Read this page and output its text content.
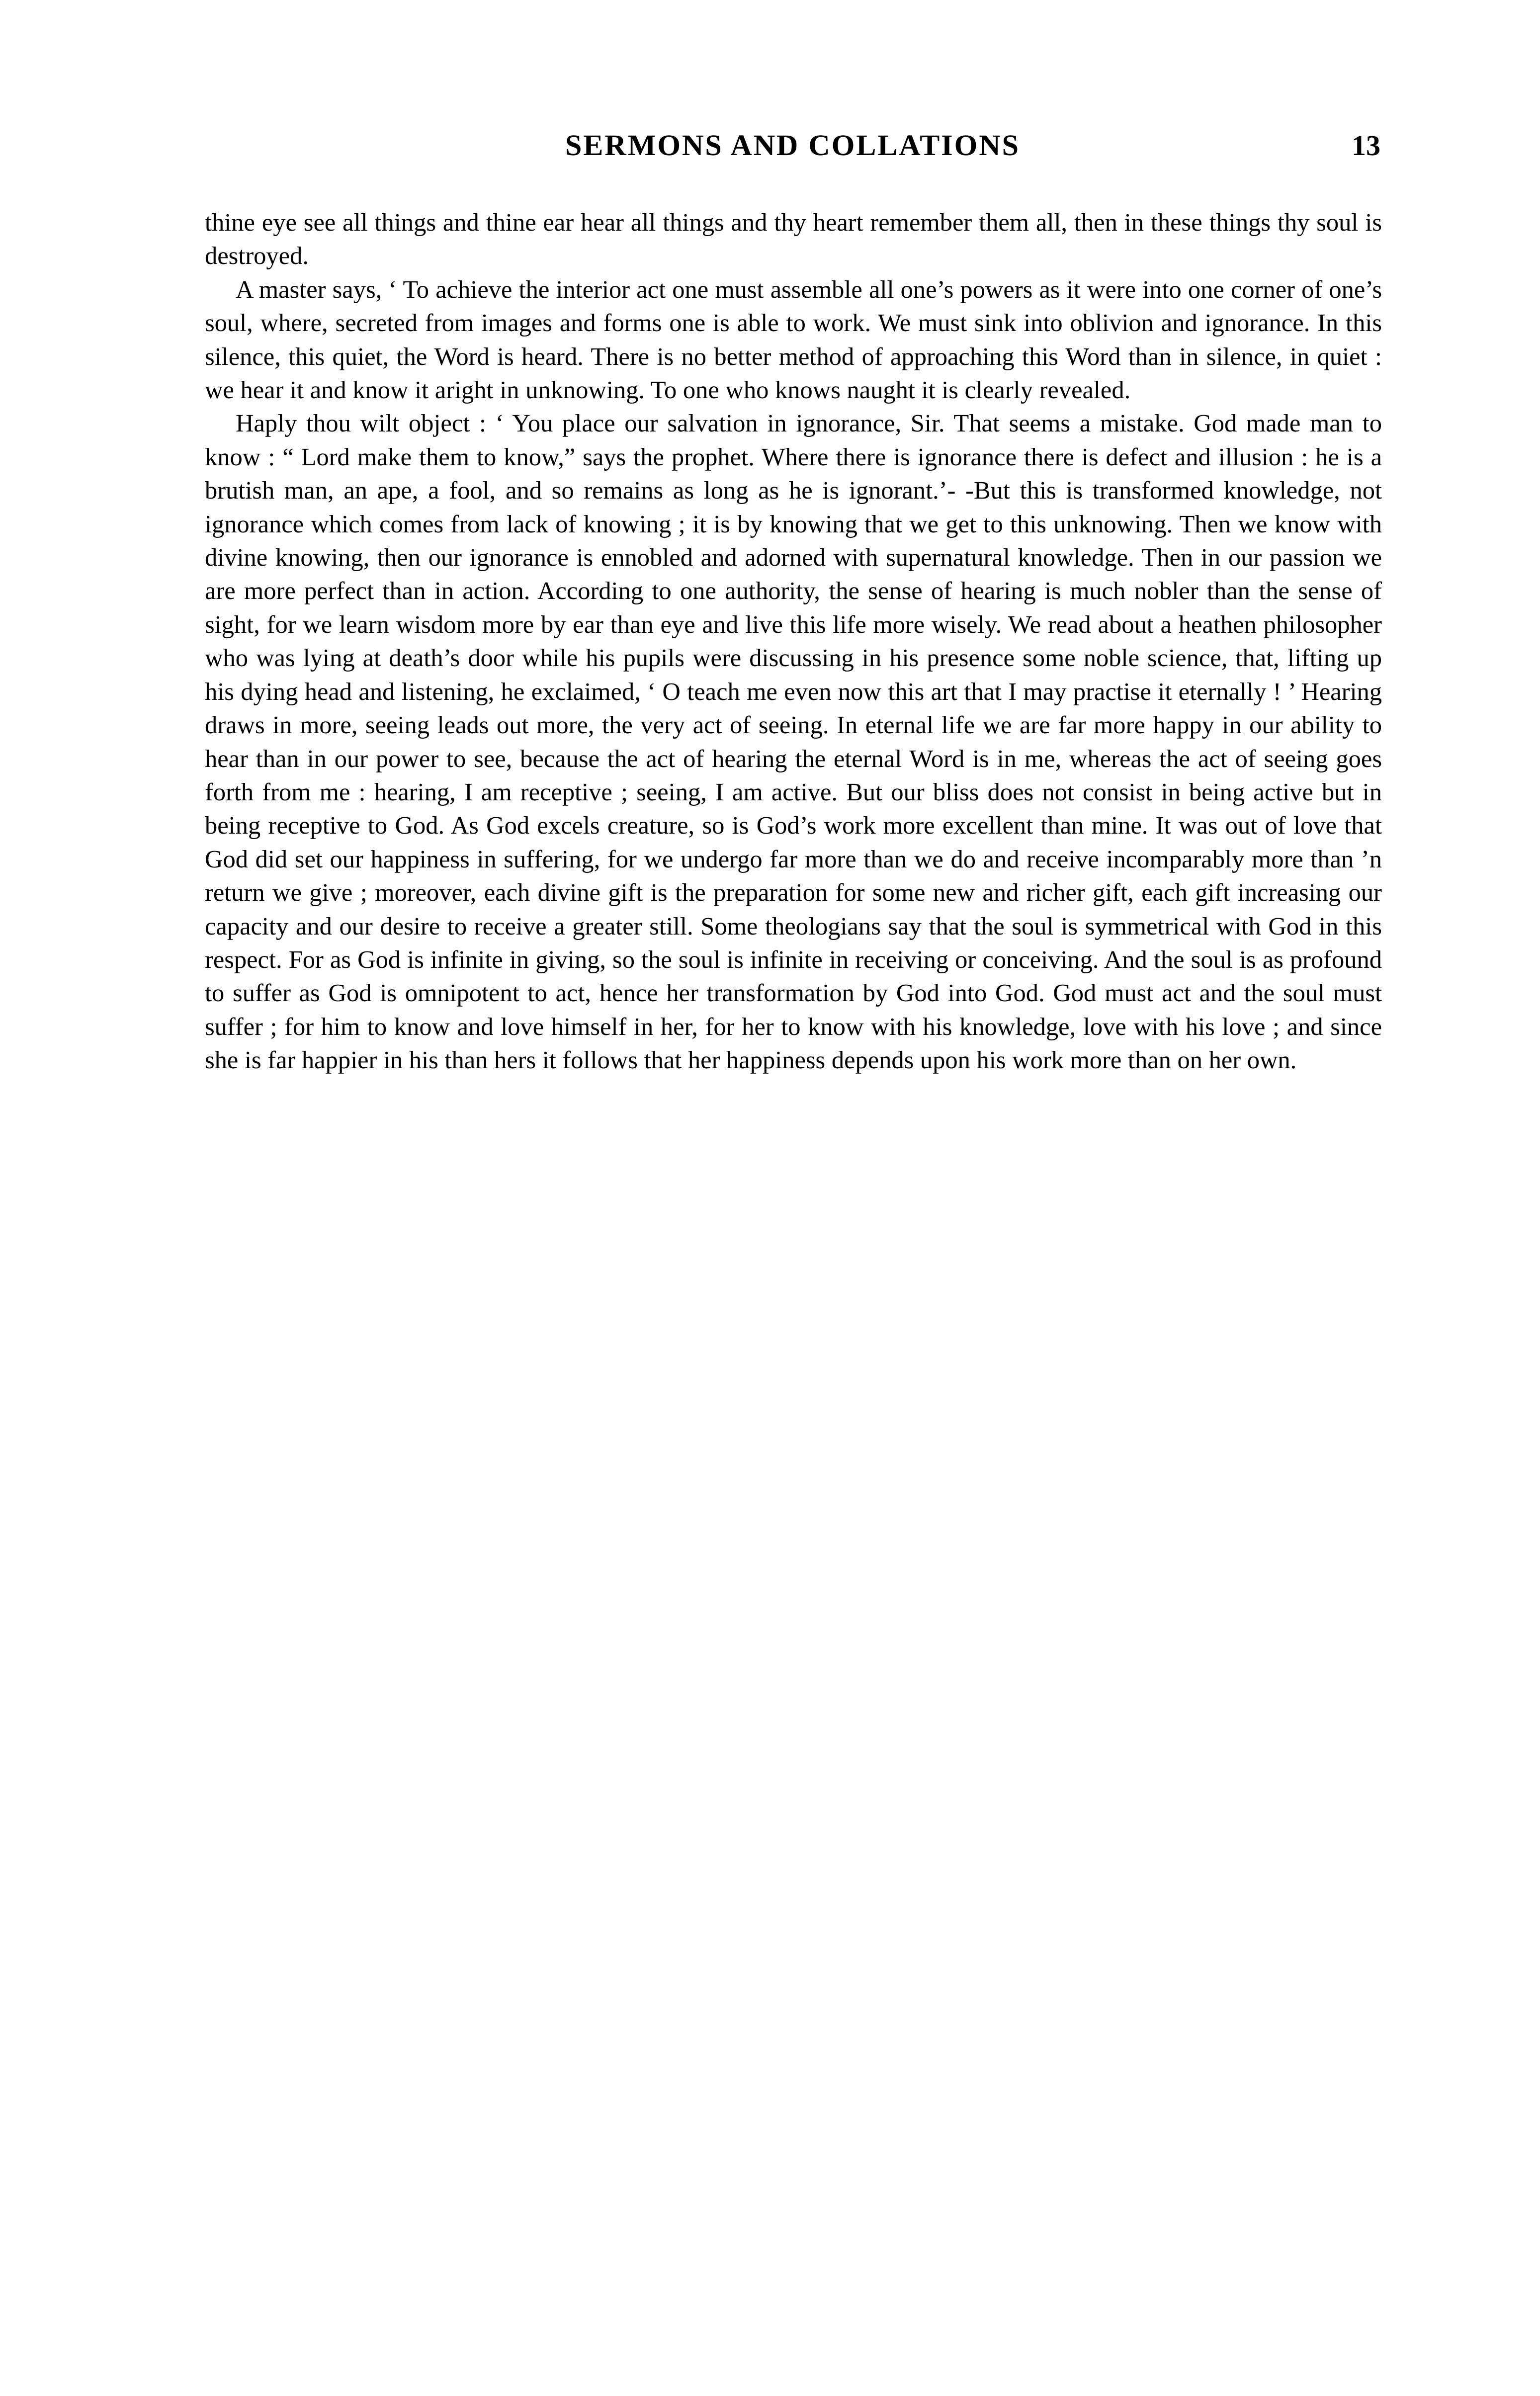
SERMONS AND COLLATIONS	13

thine eye see all things and thine ear hear all things and thy heart remember them all, then in these things thy soul is destroyed.

A master says, ‘ To achieve the interior act one must assemble all one’s powers as it were into one corner of one’s soul, where, secreted from images and forms one is able to work. We must sink into oblivion and ignorance. In this silence, this quiet, the Word is heard. There is no better method of approaching this Word than in silence, in quiet : we hear it and know it aright in unknowing. To one who knows naught it is clearly revealed.

Haply thou wilt object : ‘ You place our salvation in ignorance, Sir. That seems a mistake. God made man to know : “ Lord make them to know,” says the prophet. Where there is ignorance there is defect and illusion : he is a brutish man, an ape, a fool, and so remains as long as he is ignorant.’- -But this is transformed knowledge, not ignorance which comes from lack of knowing ; it is by knowing that we get to this unknowing. Then we know with divine knowing, then our ignorance is ennobled and adorned with supernatural knowledge. Then in our passion we are more perfect than in action. According to one authority, the sense of hearing is much nobler than the sense of sight, for we learn wisdom more by ear than eye and live this life more wisely. We read about a heathen philosopher who was lying at death’s door while his pupils were discussing in his presence some noble science, that, lifting up his dying head and listening, he exclaimed, ‘ O teach me even now this art that I may practise it eternally ! ’ Hearing draws in more, seeing leads out more, the very act of seeing. In eternal life we are far more happy in our ability to hear than in our power to see, because the act of hearing the eternal Word is in me, whereas the act of seeing goes forth from me : hearing, I am receptive ; seeing, I am active. But our bliss does not consist in being active but in being receptive to God. As God excels creature, so is God’s work more excellent than mine. It was out of love that God did set our happiness in suffering, for we undergo far more than we do and receive incomparably more than ’n return we give ; moreover, each divine gift is the preparation for some new and richer gift, each gift increasing our capacity and our desire to receive a greater still. Some theologians say that the soul is symmetrical with God in this respect. For as God is infinite in giving, so the soul is infinite in receiving or conceiving. And the soul is as profound to suffer as God is omnipotent to act, hence her transformation by God into God. God must act and the soul must suffer ; for him to know and love himself in her, for her to know with his knowledge, love with his love ; and since she is far happier in his than hers it follows that her happiness depends upon his work more than on her own.
